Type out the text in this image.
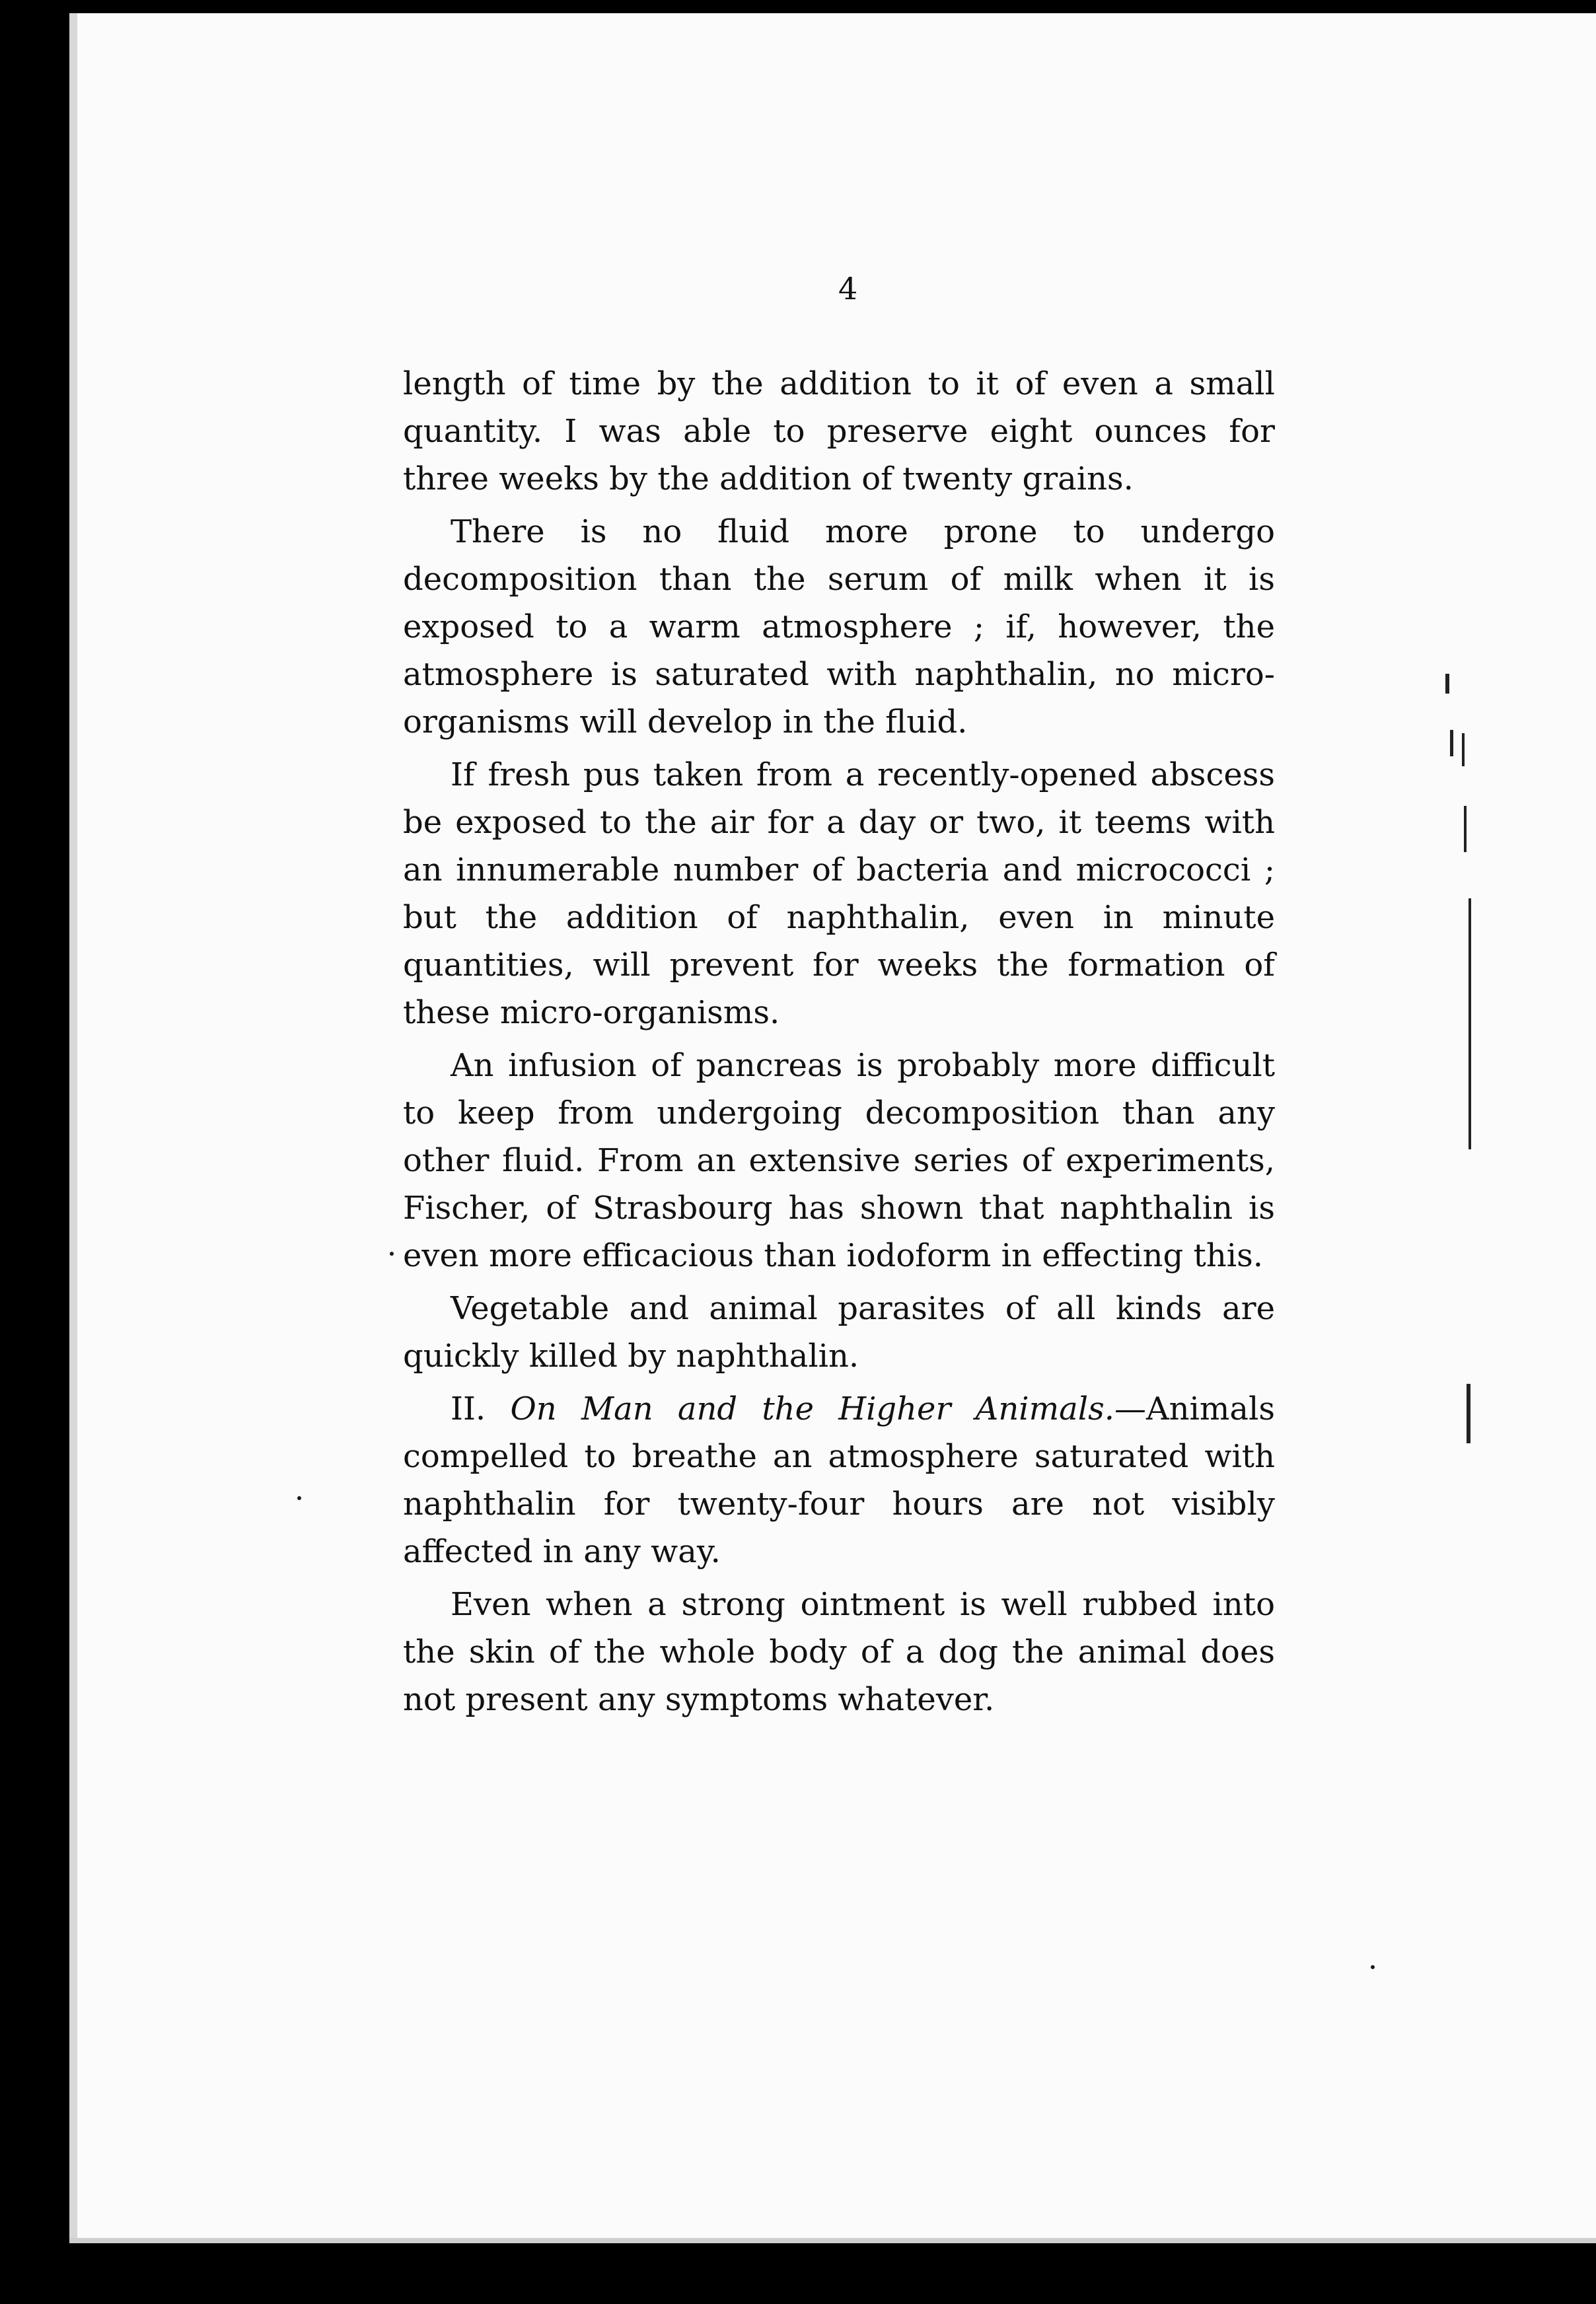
4

length of time by the addition to it of even a small quantity. I was able to preserve eight ounces for three weeks by the addition of twenty grains.

There is no fluid more prone to undеrgo decomposition than the serum of milk when it is exposed to a warm atmosphere ; if, however, the atmosphere is saturated with naphthalin, no micro-organisms will develop in the fluid.

If fresh pus taken from a recently-opened abscess be exposed to the air for a day or two, it teems with an innumerable number of bacteria and micrococci ; but the addition of naphthalin, even in minute quantities, will prevent for weeks the formation of these micro-organisms.

An infusion of pancreas is probably more difficult to keep from undergoing decomposition than any other fluid. From an extensive series of experiments, Fischer, of Strasbourg has shown that naphthalin is even more efficacious than iodoform in effecting this.

Vegetable and animal parasites of all kinds are quickly killed by naphthalin.

II. On Man and the Higher Animals.—Animals compelled to breathe an atmosphere saturated with naphthalin for twenty-four hours are not visibly affected in any way.

Even when a strong ointment is well rubbed into the skin of the whole body of a dog the animal does not present any symptoms whatever.
